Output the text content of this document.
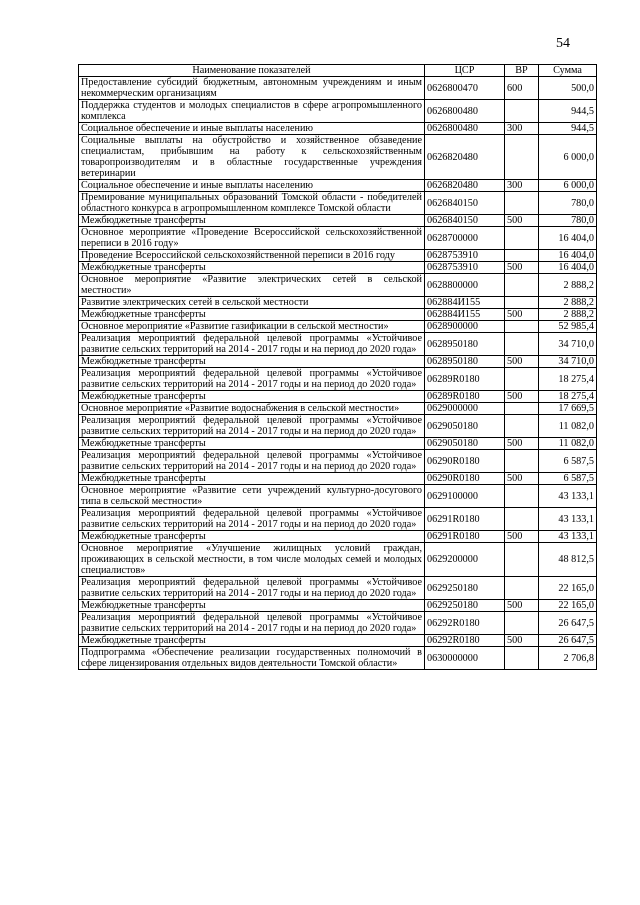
54
Наименование показателей	ЦСР	ВР	Сумма
Предоставление субсидий бюджетным, автономным учреждениям и иным некоммерческим организациям	0626800470	600	500,0
Поддержка студентов и молодых специалистов в сфере агропромышленного комплекса	0626800480		944,5
Социальное обеспечение и иные выплаты населению	0626800480	300	944,5
Социальные выплаты на обустройство и хозяйственное обзаведение специалистам, прибывшим на работу к сельскохозяйственным товаропроизводителям и в областные государственные учреждения ветеринарии	0626820480		6 000,0
Социальное обеспечение и иные выплаты населению	0626820480	300	6 000,0
Премирование муниципальных образований Томской области - победителей областного конкурса в агропромышленном комплексе Томской области	0626840150		780,0
Межбюджетные трансферты	0626840150	500	780,0
Основное мероприятие «Проведение Всероссийской сельскохозяйственной переписи в 2016 году»	0628700000		16 404,0
Проведение Всероссийской сельскохозяйственной переписи в 2016 году	0628753910		16 404,0
Межбюджетные трансферты	0628753910	500	16 404,0
Основное мероприятие «Развитие электрических сетей в сельской местности»	0628800000		2 888,2
Развитие электрических сетей в сельской местности	062884И155		2 888,2
Межбюджетные трансферты	062884И155	500	2 888,2
Основное мероприятие «Развитие газификации в сельской местности»	0628900000		52 985,4
Реализация мероприятий федеральной целевой программы «Устойчивое развитие сельских территорий на 2014 - 2017 годы и на период до 2020 года»	0628950180		34 710,0
Межбюджетные трансферты	0628950180	500	34 710,0
Реализация мероприятий федеральной целевой программы «Устойчивое развитие сельских территорий на 2014 - 2017 годы и на период до 2020 года»	06289R0180		18 275,4
Межбюджетные трансферты	06289R0180	500	18 275,4
Основное мероприятие «Развитие водоснабжения в сельской местности»	0629000000		17 669,5
Реализация мероприятий федеральной целевой программы «Устойчивое развитие сельских территорий на 2014 - 2017 годы и на период до 2020 года»	0629050180		11 082,0
Межбюджетные трансферты	0629050180	500	11 082,0
Реализация мероприятий федеральной целевой программы «Устойчивое развитие сельских территорий на 2014 - 2017 годы и на период до 2020 года»	06290R0180		6 587,5
Межбюджетные трансферты	06290R0180	500	6 587,5
Основное мероприятие «Развитие сети учреждений культурно-досугового типа в сельской местности»	0629100000		43 133,1
Реализация мероприятий федеральной целевой программы «Устойчивое развитие сельских территорий на 2014 - 2017 годы и на период до 2020 года»	06291R0180		43 133,1
Межбюджетные трансферты	06291R0180	500	43 133,1
Основное мероприятие «Улучшение жилищных условий граждан, проживающих в сельской местности, в том числе молодых семей и молодых специалистов»	0629200000		48 812,5
Реализация мероприятий федеральной целевой программы «Устойчивое развитие сельских территорий на 2014 - 2017 годы и на период до 2020 года»	0629250180		22 165,0
Межбюджетные трансферты	0629250180	500	22 165,0
Реализация мероприятий федеральной целевой программы «Устойчивое развитие сельских территорий на 2014 - 2017 годы и на период до 2020 года»	06292R0180		26 647,5
Межбюджетные трансферты	06292R0180	500	26 647,5
Подпрограмма «Обеспечение реализации государственных полномочий в сфере лицензирования отдельных видов деятельности Томской области»	0630000000		2 706,8
